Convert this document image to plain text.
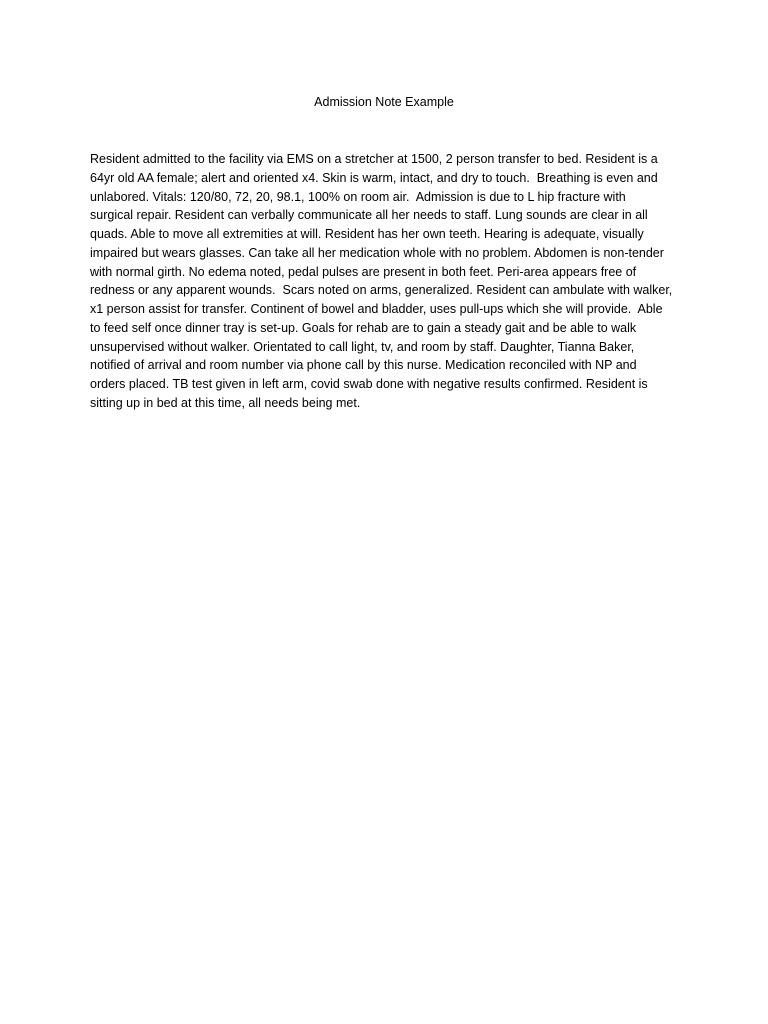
Admission Note Example

Resident admitted to the facility via EMS on a stretcher at 1500, 2 person transfer to bed. Resident is a
64yr old AA female; alert and oriented x4. Skin is warm, intact, and dry to touch.  Breathing is even and
unlabored. Vitals: 120/80, 72, 20, 98.1, 100% on room air.  Admission is due to L hip fracture with
surgical repair. Resident can verbally communicate all her needs to staff. Lung sounds are clear in all
quads. Able to move all extremities at will. Resident has her own teeth. Hearing is adequate, visually
impaired but wears glasses. Can take all her medication whole with no problem. Abdomen is non-tender
with normal girth. No edema noted, pedal pulses are present in both feet. Peri-area appears free of
redness or any apparent wounds.  Scars noted on arms, generalized. Resident can ambulate with walker,
x1 person assist for transfer. Continent of bowel and bladder, uses pull-ups which she will provide.  Able
to feed self once dinner tray is set-up. Goals for rehab are to gain a steady gait and be able to walk
unsupervised without walker. Orientated to call light, tv, and room by staff. Daughter, Tianna Baker,
notified of arrival and room number via phone call by this nurse. Medication reconciled with NP and
orders placed. TB test given in left arm, covid swab done with negative results confirmed. Resident is
sitting up in bed at this time, all needs being met.
